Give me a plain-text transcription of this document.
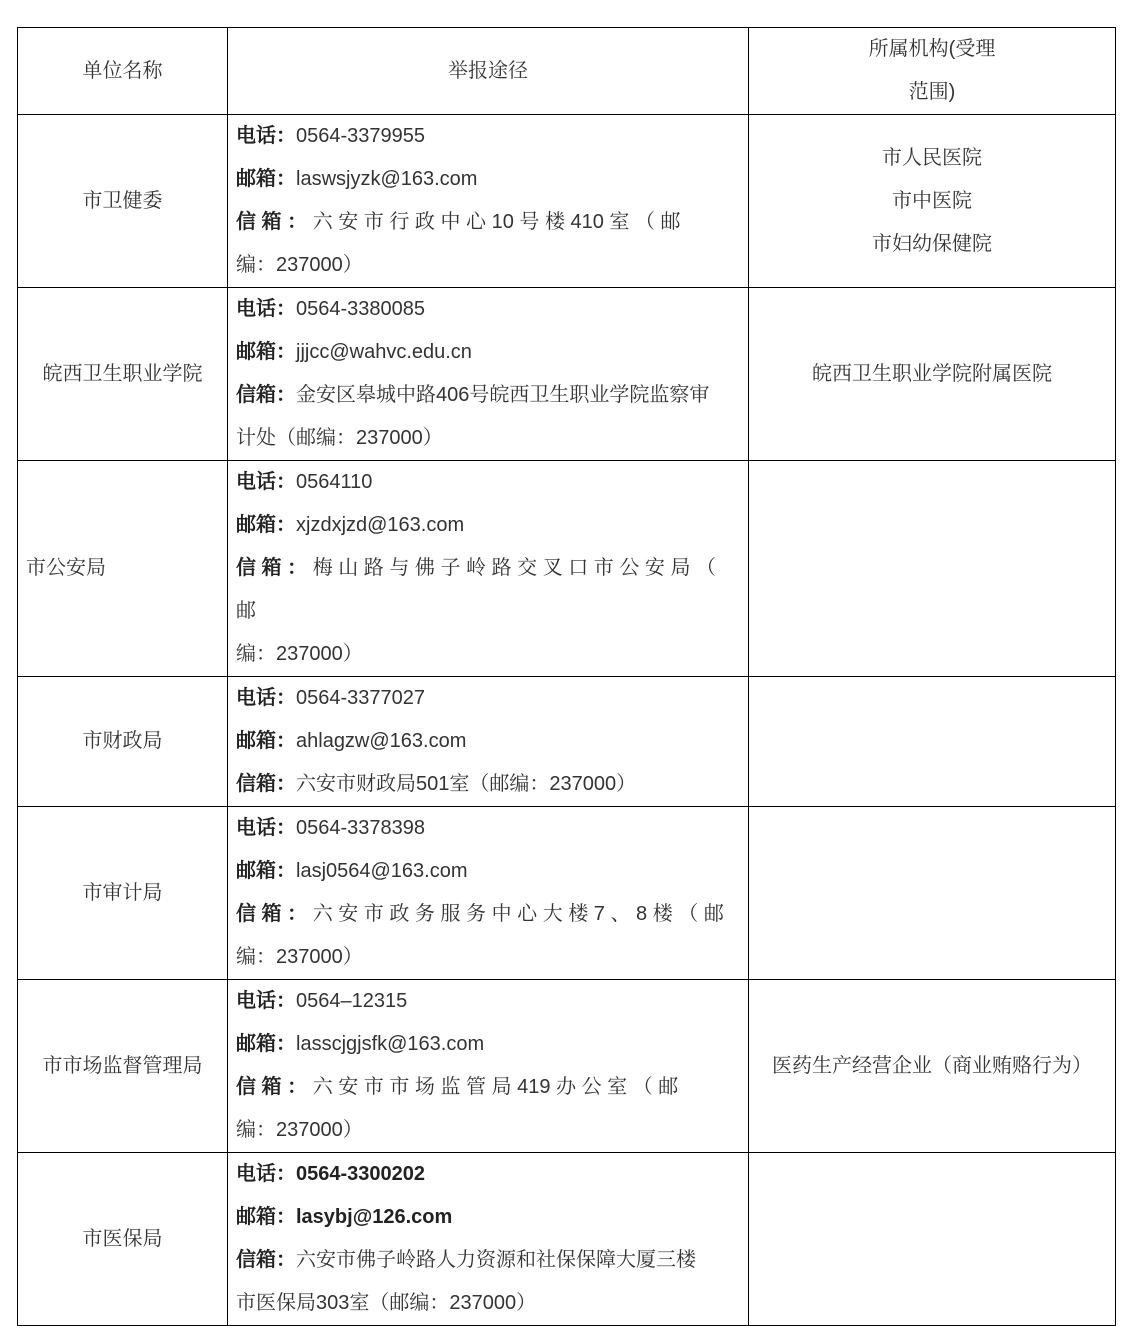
单位名称	举报途径	所属机构(受理
范围)

市卫健委	电话：0564-3379955
邮箱：laswsjyzk@163.com
信 箱 ： 六 安 市 行 政 中 心 10 号 楼 410 室 （ 邮
编：237000）	市人民医院
市中医院
市妇幼保健院

皖西卫生职业学院	电话：0564-3380085
邮箱：jjjcc@wahvc.edu.cn
信箱：金安区皋城中路406号皖西卫生职业学院监察审
计处（邮编：237000）	皖西卫生职业学院附属医院

市公安局	电话：0564110
邮箱：xjzdxjzd@163.com
信 箱 ： 梅 山 路 与 佛 子 岭 路 交 叉 口 市 公 安 局 （ 邮
编：237000）	

市财政局	电话：0564-3377027
邮箱：ahlagzw@163.com
信箱：六安市财政局501室（邮编：237000）	

市审计局	电话：0564-3378398
邮箱：lasj0564@163.com
信 箱 ： 六 安 市 政 务 服 务 中 心 大 楼 7 、 8 楼 （ 邮
编：237000）	

市市场监督管理局	电话：0564–12315
邮箱：lasscjgjsfk@163.com
信 箱 ： 六 安 市 市 场 监 管 局 419 办 公 室 （ 邮
编：237000）	医药生产经营企业（商业贿赂行为）

市医保局	电话：0564-3300202
邮箱：lasybj@126.com
信箱：六安市佛子岭路人力资源和社保保障大厦三楼
市医保局303室（邮编：237000）	
